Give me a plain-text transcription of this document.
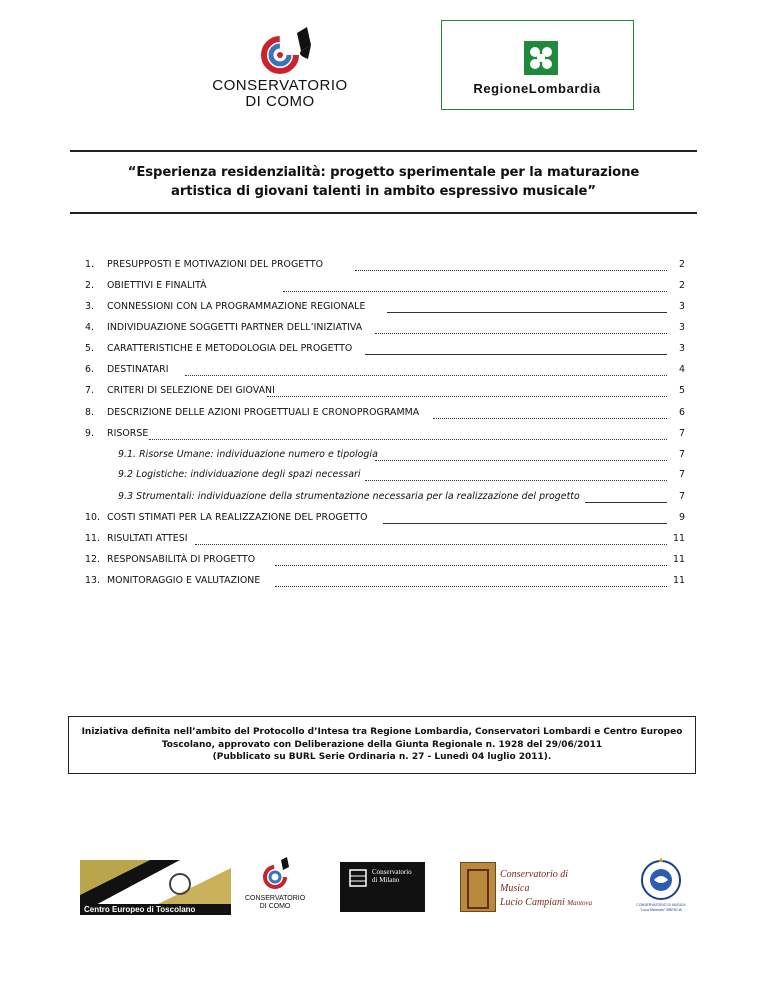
CONSERVATORIO
DI COMO
RegioneLombardia
“Esperienza residenzialità: progetto sperimentale per la maturazione
artistica di giovani talenti in ambito espressivo musicale”
1. PRESUPPOSTI E MOTIVAZIONI DEL PROGETTO	2
2. OBIETTIVI E FINALITÀ	2
3. CONNESSIONI CON LA PROGRAMMAZIONE REGIONALE	3
4. INDIVIDUAZIONE SOGGETTI PARTNER DELL’INIZIATIVA	3
5. CARATTERISTICHE E METODOLOGIA DEL PROGETTO	3
6. DESTINATARI	4
7. CRITERI DI SELEZIONE DEI GIOVANI	5
8. DESCRIZIONE DELLE AZIONI PROGETTUALI E CRONOPROGRAMMA	6
9. RISORSE	7
9.1. Risorse Umane: individuazione numero e tipologia	7
9.2 Logistiche: individuazione degli spazi necessari	7
9.3 Strumentali: individuazione della strumentazione necessaria per la realizzazione del progetto	7
10. COSTI STIMATI PER LA REALIZZAZIONE DEL PROGETTO	9
11. RISULTATI ATTESI	11
12. RESPONSABILITÀ DI PROGETTO	11
13. MONITORAGGIO E VALUTAZIONE	11
Iniziativa definita nell’ambito del Protocollo d’Intesa tra Regione Lombardia, Conservatori Lombardi e Centro Europeo
Toscolano, approvato con Deliberazione della Giunta Regionale n. 1928 del 29/06/2011
(Pubblicato su BURL Serie Ordinaria n. 27 - Lunedì 04 luglio 2011).
Centro Europeo di Toscolano
CONSERVATORIO
DI COMO
Conservatorio
di Milano	Conservatorio di Musica
Lucio Campiani Mantova	CONSERVATORIO DI MUSICA "Luca Marenzio" BRESCIA
